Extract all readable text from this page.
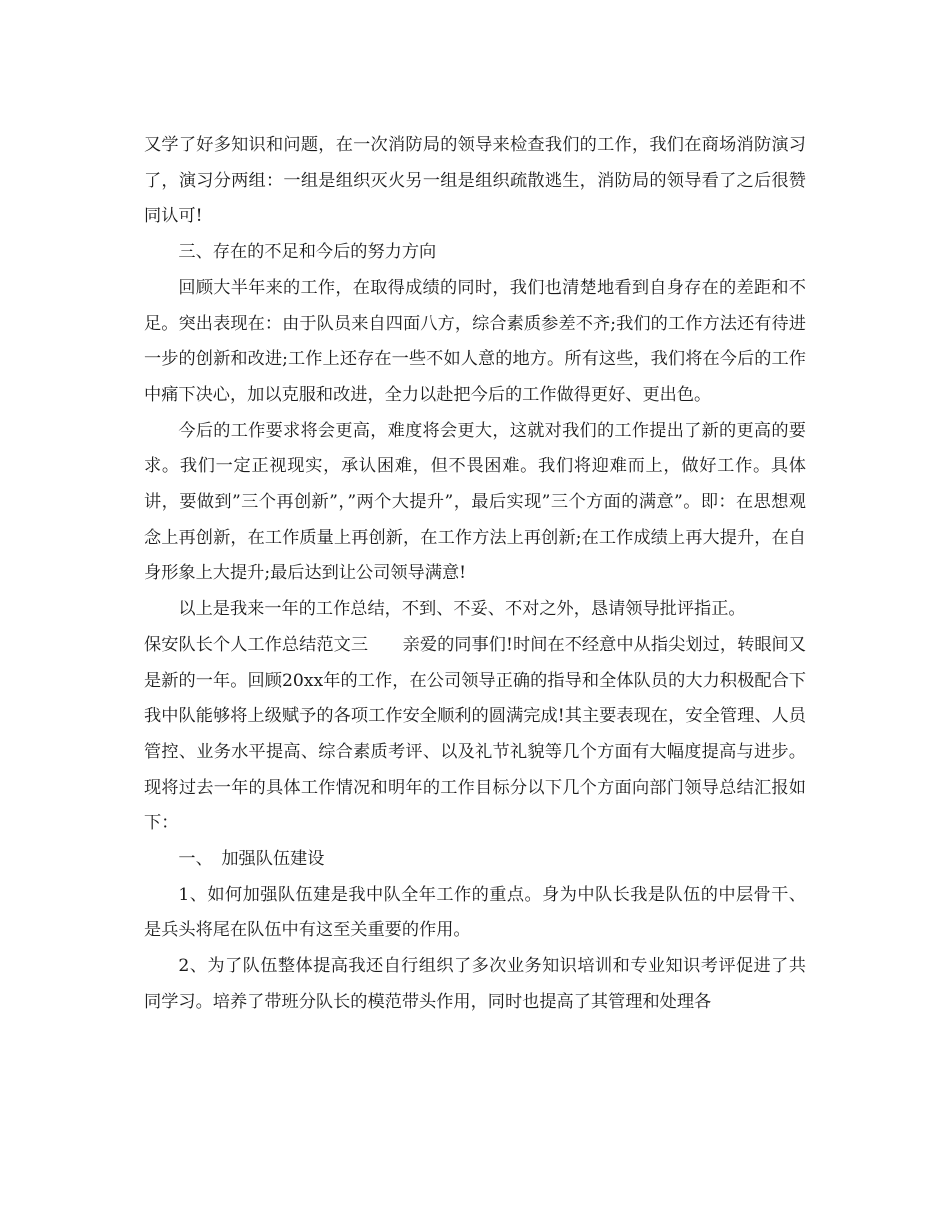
又学了好多知识和问题，在一次消防局的领导来检查我们的工作，我们在商场消防演习了，演习分两组：一组是组织灭火另一组是组织疏散逃生，消防局的领导看了之后很赞同认可!

三、存在的不足和今后的努力方向

回顾大半年来的工作，在取得成绩的同时，我们也清楚地看到自身存在的差距和不足。突出表现在：由于队员来自四面八方，综合素质参差不齐;我们的工作方法还有待进一步的创新和改进;工作上还存在一些不如人意的地方。所有这些，我们将在今后的工作中痛下决心，加以克服和改进，全力以赴把今后的工作做得更好、更出色。

今后的工作要求将会更高，难度将会更大，这就对我们的工作提出了新的更高的要求。我们一定正视现实，承认困难，但不畏困难。我们将迎难而上，做好工作。具体讲，要做到”三个再创新”，”两个大提升”，最后实现”三个方面的满意”。即：在思想观念上再创新，在工作质量上再创新，在工作方法上再创新;在工作成绩上再大提升，在自身形象上大提升;最后达到让公司领导满意!

以上是我来一年的工作总结，不到、不妥、不对之外，恳请领导批评指正。

保安队长个人工作总结范文三　　亲爱的同事们!时间在不经意中从指尖划过，转眼间又是新的一年。回顾20xx年的工作，在公司领导正确的指导和全体队员的大力积极配合下我中队能够将上级赋予的各项工作安全顺利的圆满完成!其主要表现在，安全管理、人员管控、业务水平提高、综合素质考评、以及礼节礼貌等几个方面有大幅度提高与进步。现将过去一年的具体工作情况和明年的工作目标分以下几个方面向部门领导总结汇报如下：

一、　加强队伍建设

1、如何加强队伍建是我中队全年工作的重点。身为中队长我是队伍的中层骨干、是兵头将尾在队伍中有这至关重要的作用。

2、为了队伍整体提高我还自行组织了多次业务知识培训和专业知识考评促进了共同学习。培养了带班分队长的模范带头作用，同时也提高了其管理和处理各
